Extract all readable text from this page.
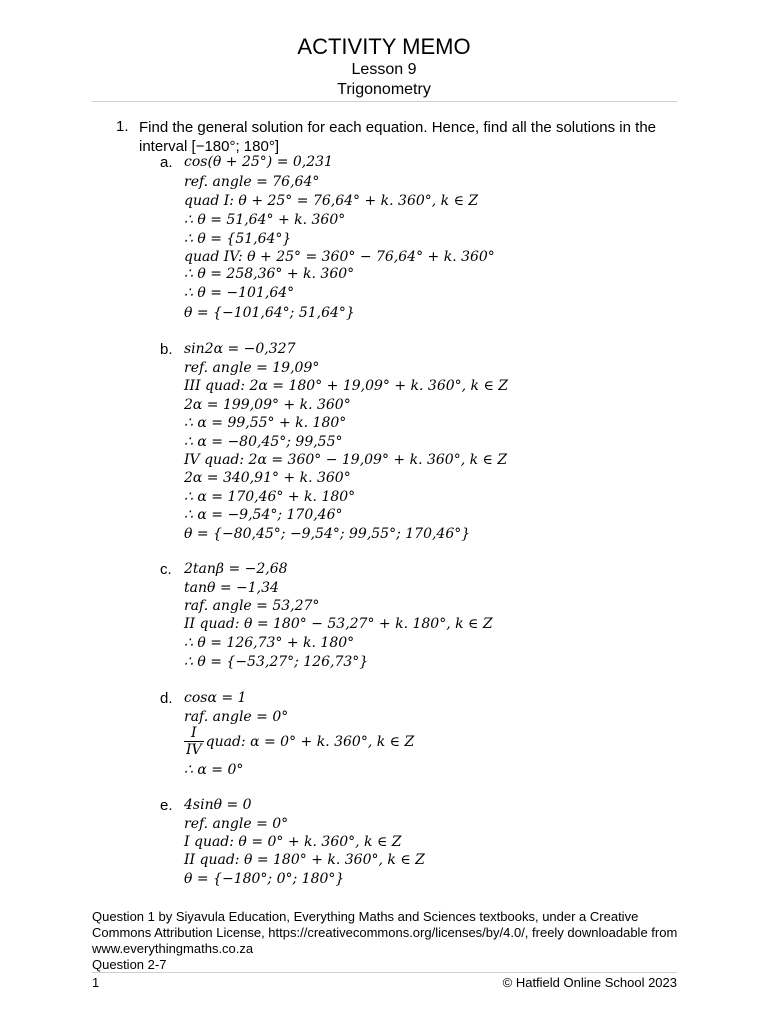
ACTIVITY MEMO
Lesson 9
Trigonometry
1. Find the general solution for each equation. Hence, find all the solutions in the interval [−180°; 180°]
a. cos(θ + 25°) = 0,231
ref. angle = 76,64°
quad I: θ + 25° = 76,64° + k. 360°, k ∈ Z
∴ θ = 51,64° + k. 360°
∴ θ = {51,64°}
quad IV: θ + 25° = 360° − 76,64° + k. 360°
∴ θ = 258,36° + k. 360°
∴ θ = −101,64°
θ = {−101,64°; 51,64°}
b. sin2α = −0,327
ref. angle = 19,09°
III quad: 2α = 180° + 19,09° + k. 360°, k ∈ Z
2α = 199,09° + k. 360°
∴ α = 99,55° + k. 180°
∴ α = −80,45°; 99,55°
IV quad: 2α = 360° − 19,09° + k. 360°, k ∈ Z
2α = 340,91° + k. 360°
∴ α = 170,46° + k. 180°
∴ α = −9,54°; 170,46°
θ = {−80,45°; −9,54°; 99,55°; 170,46°}
c. 2tanβ = −2,68
tanθ = −1,34
raf. angle = 53,27°
II quad: θ = 180° − 53,27° + k. 180°, k ∈ Z
∴ θ = 126,73° + k. 180°
∴ θ = {−53,27°; 126,73°}
d. cosα = 1
raf. angle = 0°
$\frac{I}{IV}$ quad: α = 0° + k. 360°, k ∈ Z
∴ α = 0°
e. 4sinθ = 0
ref. angle = 0°
I quad: θ = 0° + k. 360°, k ∈ Z
II quad: θ = 180° + k. 360°, k ∈ Z
θ = {−180°; 0°; 180°}
Question 1 by Siyavula Education, Everything Maths and Sciences textbooks, under a Creative Commons Attribution License, https://creativecommons.org/licenses/by/4.0/, freely downloadable from www.everythingmaths.co.za
Question 2-7
1	© Hatfield Online School 2023
